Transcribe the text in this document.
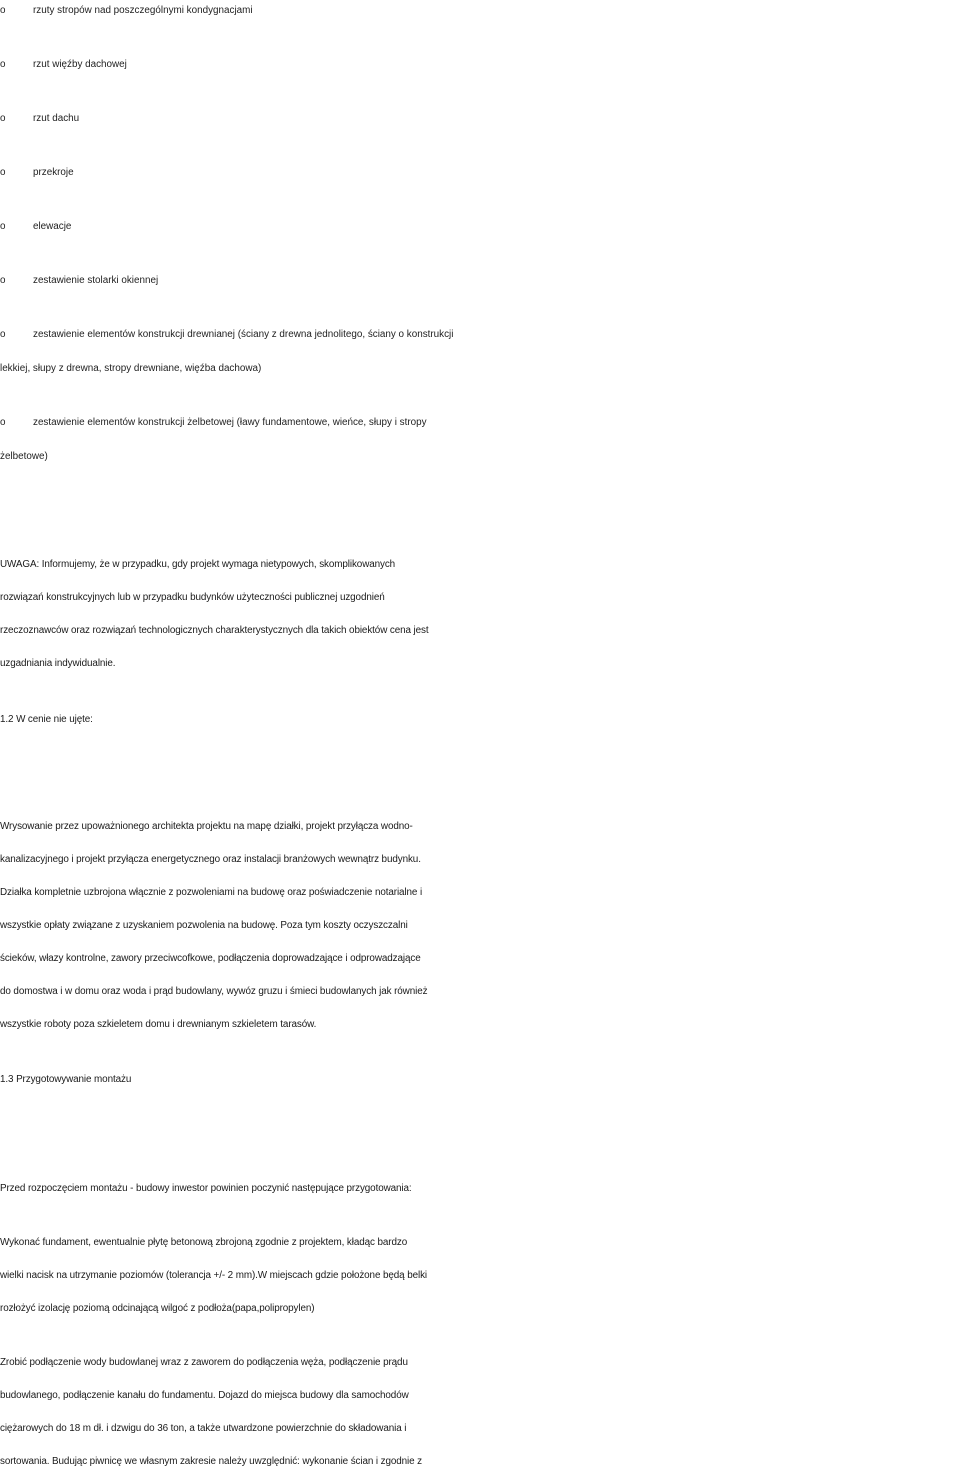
o	rzuty stropów nad poszczególnymi kondygnacjami
o	rzut więźby dachowej
o	rzut dachu
o	przekroje
o	elewacje
o	zestawienie stolarki okiennej
o	zestawienie elementów konstrukcji drewnianej (ściany z drewna jednolitego, ściany o konstrukcji
lekkiej, słupy z drewna, stropy drewniane, więźba dachowa)
o	zestawienie elementów konstrukcji żelbetowej (ławy fundamentowe, wieńce, słupy i stropy
żelbetowe)
UWAGA: Informujemy, że w przypadku, gdy projekt wymaga nietypowych, skomplikowanych
rozwiązań konstrukcyjnych lub w przypadku budynków użyteczności publicznej uzgodnień
rzeczoznawców oraz rozwiązań technologicznych charakterystycznych dla takich obiektów cena jest
uzgadniania indywidualnie.
1.2 W cenie nie ujęte:
Wrysowanie przez upoważnionego architekta projektu na mapę działki, projekt przyłącza wodno-
kanalizacyjnego i projekt przyłącza energetycznego oraz instalacji branżowych wewnątrz budynku.
Działka kompletnie uzbrojona włącznie z pozwoleniami na budowę oraz poświadczenie notarialne i
wszystkie opłaty związane z uzyskaniem pozwolenia na budowę. Poza tym koszty oczyszczalni
ścieków, włazy kontrolne, zawory przeciwcofkowe, podłączenia doprowadzające i odprowadzające
do domostwa i w domu oraz woda i prąd budowlany, wywóz gruzu i śmieci budowlanych jak również
wszystkie roboty poza szkieletem domu i drewnianym szkieletem tarasów.
1.3 Przygotowywanie montażu
Przed rozpoczęciem montażu - budowy inwestor powinien poczynić następujące przygotowania:
Wykonać fundament, ewentualnie płytę betonową zbrojoną zgodnie z projektem, kładąc bardzo
wielki nacisk na utrzymanie poziomów (tolerancja +/- 2 mm).W miejscach gdzie położone będą belki
rozłożyć izolację poziomą odcinającą wilgoć z podłoża(papa,polipropylen)
Zrobić podłączenie wody budowlanej wraz z zaworem do podłączenia węża, podłączenie prądu
budowlanego, podłączenie kanału do fundamentu. Dojazd do miejsca budowy dla samochodów
ciężarowych do 18 m dł. i dzwigu do 36 ton, a także utwardzone powierzchnie do składowania i
sortowania. Budując piwnicę we własnym zakresie należy uwzględnić: wykonanie ścian i zgodnie z
